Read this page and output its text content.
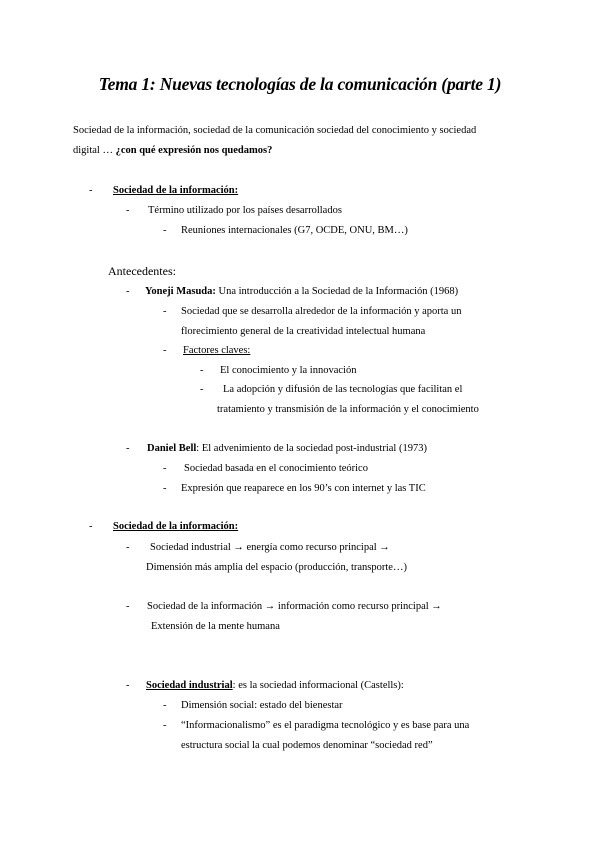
Tema 1: Nuevas tecnologías de la comunicación (parte 1)
Sociedad de la información, sociedad de la comunicación sociedad del conocimiento y sociedad
digital … ¿con qué expresión nos quedamos?
- Sociedad de la información:
- Término utilizado por los países desarrollados
- Reuniones internacionales (G7, OCDE, ONU, BM…)
Antecedentes:
- Yoneji Masuda: Una introducción a la Sociedad de la Información (1968)
- Sociedad que se desarrolla alrededor de la información y aporta un
florecimiento general de la creatividad intelectual humana
- Factores claves:
- El conocimiento y la innovación
- La adopción y difusión de las tecnologías que facilitan el
tratamiento y transmisión de la información y el conocimiento
- Daniel Bell: El advenimiento de la sociedad post-industrial (1973)
- Sociedad basada en el conocimiento teórico
- Expresión que reaparece en los 90’s con internet y las TIC
- Sociedad de la información:
- Sociedad industrial → energía como recurso principal →
Dimensión más amplia del espacio (producción, transporte…)
- Sociedad de la información → información como recurso principal →
Extensión de la mente humana
- Sociedad industrial: es la sociedad informacional (Castells):
- Dimensión social: estado del bienestar
- “Informacionalismo” es el paradigma tecnológico y es base para una
estructura social la cual podemos denominar “sociedad red”
